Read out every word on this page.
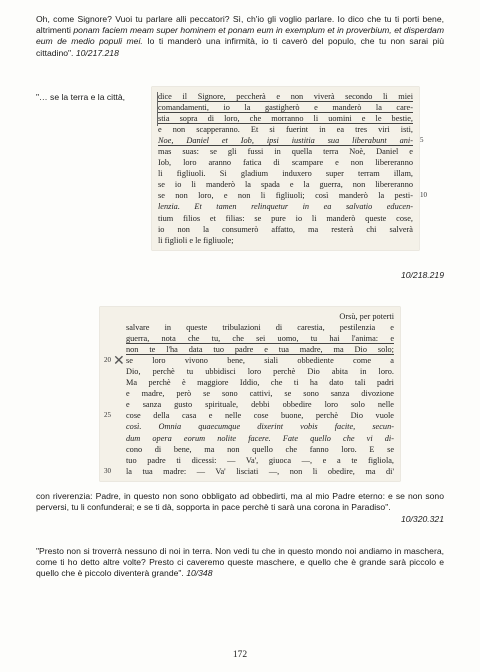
Oh, come Signore? Vuoi tu parlare alli peccatori? Sì, ch'io gli voglio parlare. Io dico che tu ti porti bene, altrimenti ponam faciem meam super hominem et ponam eum in exemplum et in proverbium, et disperdam eum de medio populi mei. Io ti manderò una infirmità, io ti caverò del populo, che tu non sarai più cittadino". 10/217.218

"… se la terra e la città,	dice il Signore, peccherà e non viverà secondo li miei
comandamenti, io la gastigherò e manderò la care-
stia sopra di loro, che morranno li uomini e le bestie,
e non scapperanno. Et si fuerint in ea tres viri isti,
Noe, Daniel et Iob, ipsi iustitia sua liberabunt ani- 5
mas suas: se gli fussi in quella terra Noè, Daniel e
Iob, loro aranno fatica di scampare e non libereranno
li figliuoli. Si gladium induxero super terram illam,
se io li manderò la spada e la guerra, non libereranno
se non loro, e non li figliuoli; così manderò la pesti- 10
lenzia. Et tamen relinquetur in ea salvatio educen-
tium filios et filias: se pure io li manderò queste cose,
io non la consumerò affatto, ma resterà chi salverà
li figlioli e le figliuole;
10/218.219
Orsù, per poterti
salvare in queste tribulazioni di carestia, pestilenzia e
guerra, nota che tu, che sei uomo, tu hai l'anima: e
non te l'ha data tuo padre e tua madre, ma Dio solo;
20 se loro vivono bene, siali obbediente come a
Dio, perchè tu ubbidisci loro perchè Dio abita in loro.
Ma perchè è maggiore Iddio, che ti ha dato tali padri
e madre, però se sono cattivi, se sono sanza divozione
e sanza gusto spirituale, debbi obbedire loro solo nelle
25 cose della casa e nelle cose buone, perchè Dio vuole
così. Omnia quaecumque dixerint vobis facite, secun-
dum opera eorum nolite facere. Fate quello che vi di-
cono di bene, ma non quello che fanno loro. E se
tuo padre ti dicessi: — Va', giuoca —, e a te figliola,
30 la tua madre: — Va' lisciati —, non li obedire, ma di'
✕

con riverenzia: Padre, in questo non sono obbligato ad obbedirti, ma al mio Padre eterno: e se non sono perversi, tu li confunderai; e se ti dà, sopporta in pace perchè ti sarà una corona in Paradiso".

10/320.321

"Presto non si troverrà nessuno di noi in terra. Non vedi tu che in questo mondo noi andiamo in maschera, come ti ho detto altre volte? Presto ci caveremo queste maschere, e quello che è grande sarà piccolo e quello che è piccolo diventerà grande". 10/348

172
